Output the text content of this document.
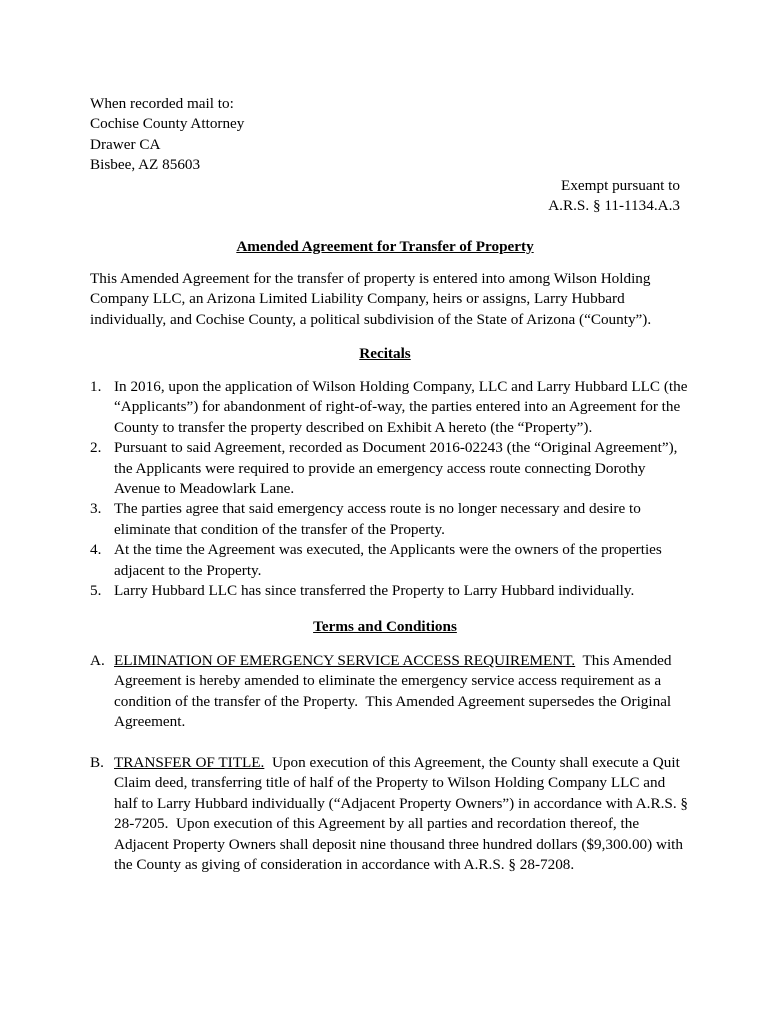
When recorded mail to:
Cochise County Attorney
Drawer CA
Bisbee, AZ 85603
Exempt pursuant to
A.R.S. § 11-1134.A.3
Amended Agreement for Transfer of Property
This Amended Agreement for the transfer of property is entered into among Wilson Holding Company LLC, an Arizona Limited Liability Company, heirs or assigns, Larry Hubbard individually, and Cochise County, a political subdivision of the State of Arizona (“County”).
Recitals
1. In 2016, upon the application of Wilson Holding Company, LLC and Larry Hubbard LLC (the “Applicants”) for abandonment of right-of-way, the parties entered into an Agreement for the County to transfer the property described on Exhibit A hereto (the “Property”).
2. Pursuant to said Agreement, recorded as Document 2016-02243 (the “Original Agreement”), the Applicants were required to provide an emergency access route connecting Dorothy Avenue to Meadowlark Lane.
3. The parties agree that said emergency access route is no longer necessary and desire to eliminate that condition of the transfer of the Property.
4. At the time the Agreement was executed, the Applicants were the owners of the properties adjacent to the Property.
5. Larry Hubbard LLC has since transferred the Property to Larry Hubbard individually.
Terms and Conditions
A. ELIMINATION OF EMERGENCY SERVICE ACCESS REQUIREMENT.  This Amended Agreement is hereby amended to eliminate the emergency service access requirement as a condition of the transfer of the Property.  This Amended Agreement supersedes the Original Agreement.
B. TRANSFER OF TITLE.  Upon execution of this Agreement, the County shall execute a Quit Claim deed, transferring title of half of the Property to Wilson Holding Company LLC and half to Larry Hubbard individually (“Adjacent Property Owners”) in accordance with A.R.S. § 28-7205.  Upon execution of this Agreement by all parties and recordation thereof, the Adjacent Property Owners shall deposit nine thousand three hundred dollars ($9,300.00) with the County as giving of consideration in accordance with A.R.S. § 28-7208.
